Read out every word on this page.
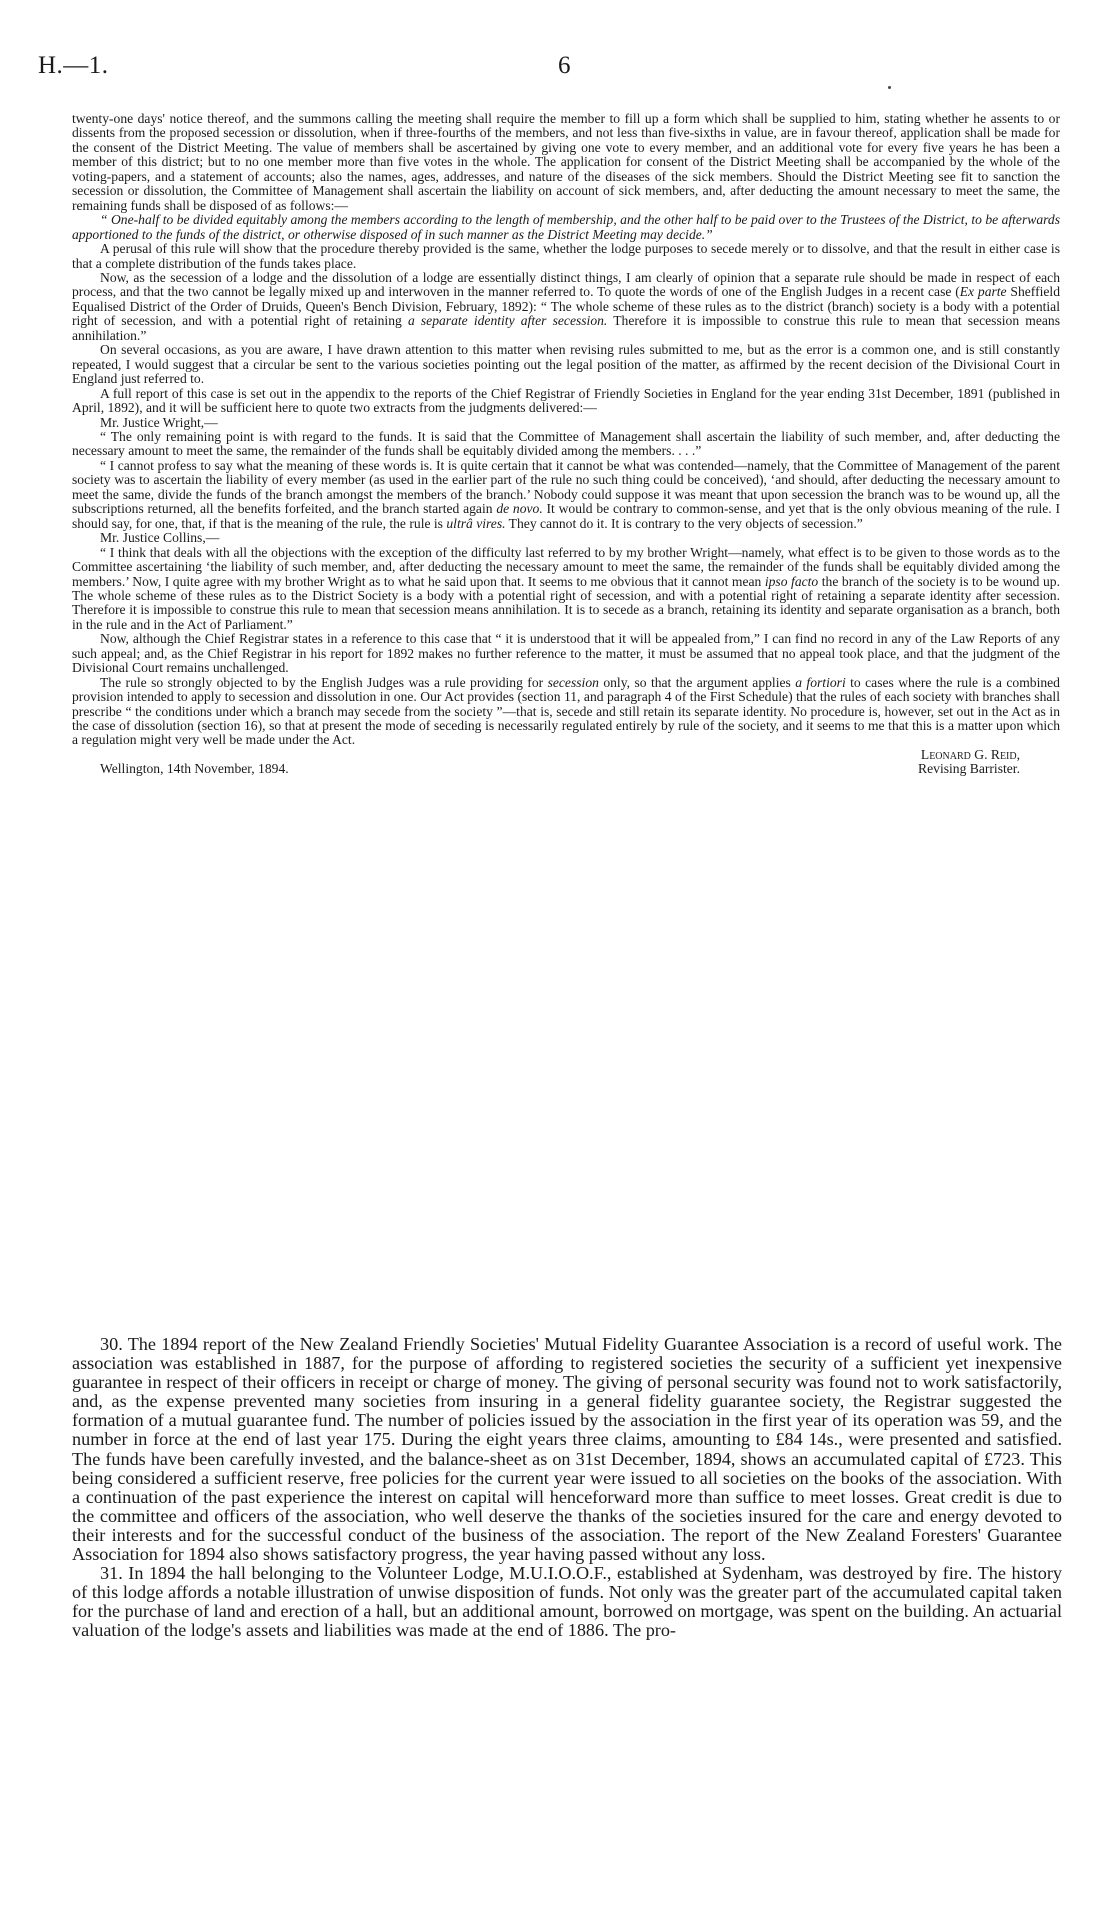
H.—1.	6

twenty-one days' notice thereof, and the summons calling the meeting shall require the member to fill up a form which shall be supplied to him, stating whether he assents to or dissents from the proposed secession or dissolution, when if three-fourths of the members, and not less than five-sixths in value, are in favour thereof, application shall be made for the consent of the District Meeting. The value of members shall be ascertained by giving one vote to every member, and an additional vote for every five years he has been a member of this district; but to no one member more than five votes in the whole. The application for consent of the District Meeting shall be accompanied by the whole of the voting-papers, and a statement of accounts; also the names, ages, addresses, and nature of the diseases of the sick members. Should the District Meeting see fit to sanction the secession or dissolution, the Committee of Management shall ascertain the liability on account of sick members, and, after deducting the amount necessary to meet the same, the remaining funds shall be disposed of as follows:—

“ One-half to be divided equitably among the members according to the length of membership, and the other half to be paid over to the Trustees of the District, to be afterwards apportioned to the funds of the district, or otherwise disposed of in such manner as the District Meeting may decide.”

A perusal of this rule will show that the procedure thereby provided is the same, whether the lodge purposes to secede merely or to dissolve, and that the result in either case is that a complete distribution of the funds takes place.

Now, as the secession of a lodge and the dissolution of a lodge are essentially distinct things, I am clearly of opinion that a separate rule should be made in respect of each process, and that the two cannot be legally mixed up and interwoven in the manner referred to. To quote the words of one of the English Judges in a recent case (Ex parte Sheffield Equalised District of the Order of Druids, Queen's Bench Division, February, 1892): “ The whole scheme of these rules as to the district (branch) society is a body with a potential right of secession, and with a potential right of retaining a separate identity after secession. Therefore it is impossible to construe this rule to mean that secession means annihilation.”

On several occasions, as you are aware, I have drawn attention to this matter when revising rules submitted to me, but as the error is a common one, and is still constantly repeated, I would suggest that a circular be sent to the various societies pointing out the legal position of the matter, as affirmed by the recent decision of the Divisional Court in England just referred to.

A full report of this case is set out in the appendix to the reports of the Chief Registrar of Friendly Societies in England for the year ending 31st December, 1891 (published in April, 1892), and it will be sufficient here to quote two extracts from the judgments delivered:—

Mr. Justice Wright,—

“ The only remaining point is with regard to the funds. It is said that the Committee of Management shall ascertain the liability of such member, and, after deducting the necessary amount to meet the same, the remainder of the funds shall be equitably divided among the members. . . .”

“ I cannot profess to say what the meaning of these words is. It is quite certain that it cannot be what was contended—namely, that the Committee of Management of the parent society was to ascertain the liability of every member (as used in the earlier part of the rule no such thing could be conceived), ‘and should, after deducting the necessary amount to meet the same, divide the funds of the branch amongst the members of the branch.’ Nobody could suppose it was meant that upon secession the branch was to be wound up, all the subscriptions returned, all the benefits forfeited, and the branch started again de novo. It would be contrary to common-sense, and yet that is the only obvious meaning of the rule. I should say, for one, that, if that is the meaning of the rule, the rule is ultrâ vires. They cannot do it. It is contrary to the very objects of secession.”

Mr. Justice Collins,—

“ I think that deals with all the objections with the exception of the difficulty last referred to by my brother Wright—namely, what effect is to be given to those words as to the Committee ascertaining ‘the liability of such member, and, after deducting the necessary amount to meet the same, the remainder of the funds shall be equitably divided among the members.’ Now, I quite agree with my brother Wright as to what he said upon that. It seems to me obvious that it cannot mean ipso facto the branch of the society is to be wound up. The whole scheme of these rules as to the District Society is a body with a potential right of secession, and with a potential right of retaining a separate identity after secession. Therefore it is impossible to construe this rule to mean that secession means annihilation. It is to secede as a branch, retaining its identity and separate organisation as a branch, both in the rule and in the Act of Parliament.”

Now, although the Chief Registrar states in a reference to this case that “ it is understood that it will be appealed from,” I can find no record in any of the Law Reports of any such appeal; and, as the Chief Registrar in his report for 1892 makes no further reference to the matter, it must be assumed that no appeal took place, and that the judgment of the Divisional Court remains unchallenged.

The rule so strongly objected to by the English Judges was a rule providing for secession only, so that the argument applies a fortiori to cases where the rule is a combined provision intended to apply to secession and dissolution in one. Our Act provides (section 11, and paragraph 4 of the First Schedule) that the rules of each society with branches shall prescribe “ the conditions under which a branch may secede from the society ”—that is, secede and still retain its separate identity. No procedure is, however, set out in the Act as in the case of dissolution (section 16), so that at present the mode of seceding is necessarily regulated entirely by rule of the society, and it seems to me that this is a matter upon which a regulation might very well be made under the Act.

Leonard G. Reid,
Wellington, 14th November, 1894.	Revising Barrister.

30. The 1894 report of the New Zealand Friendly Societies' Mutual Fidelity Guarantee Association is a record of useful work. The association was established in 1887, for the purpose of affording to registered societies the security of a sufficient yet inexpensive guarantee in respect of their officers in receipt or charge of money. The giving of personal security was found not to work satisfactorily, and, as the expense prevented many societies from insuring in a general fidelity guarantee society, the Registrar suggested the formation of a mutual guarantee fund. The number of policies issued by the association in the first year of its operation was 59, and the number in force at the end of last year 175. During the eight years three claims, amounting to £84 14s., were presented and satisfied. The funds have been carefully invested, and the balance-sheet as on 31st December, 1894, shows an accumulated capital of £723. This being considered a sufficient reserve, free policies for the current year were issued to all societies on the books of the association. With a continuation of the past experience the interest on capital will henceforward more than suffice to meet losses. Great credit is due to the committee and officers of the association, who well deserve the thanks of the societies insured for the care and energy devoted to their interests and for the successful conduct of the business of the association. The report of the New Zealand Foresters' Guarantee Association for 1894 also shows satisfactory progress, the year having passed without any loss.

31. In 1894 the hall belonging to the Volunteer Lodge, M.U.I.O.O.F., established at Sydenham, was destroyed by fire. The history of this lodge affords a notable illustration of unwise disposition of funds. Not only was the greater part of the accumulated capital taken for the purchase of land and erection of a hall, but an additional amount, borrowed on mortgage, was spent on the building. An actuarial valuation of the lodge's assets and liabilities was made at the end of 1886. The pro-
